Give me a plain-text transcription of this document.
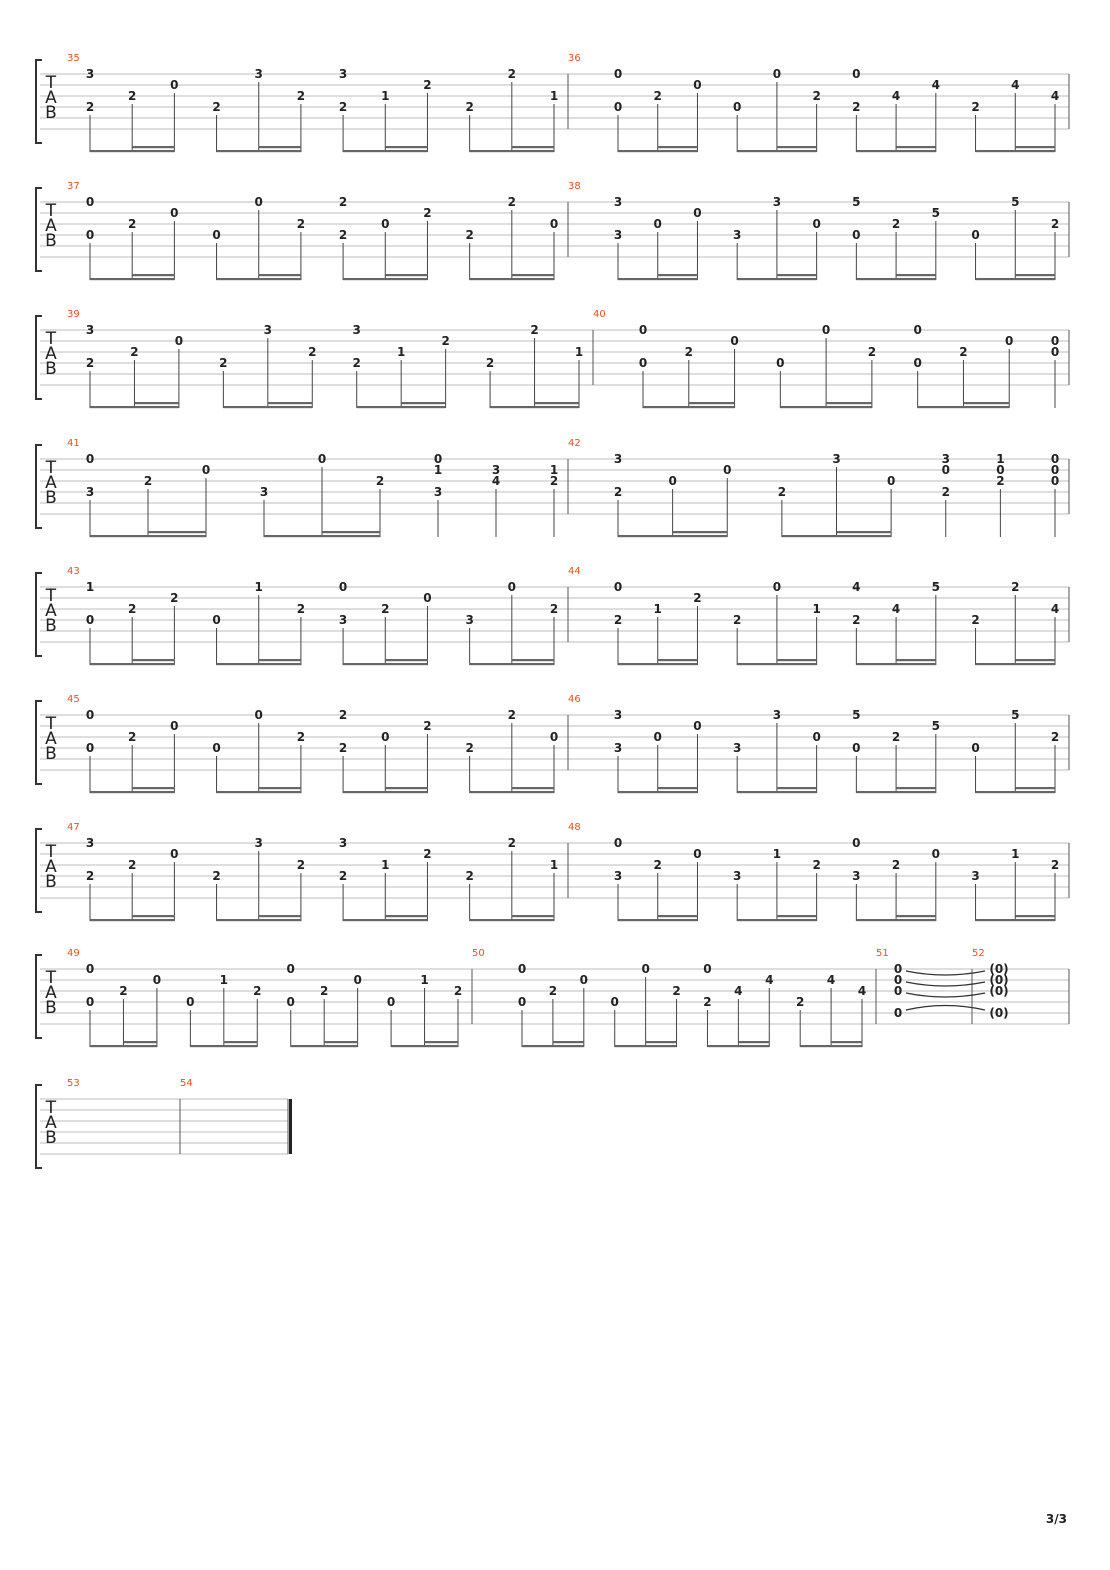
3/3
T
A
B
35
3
2
2
0
2
3
2
3
2
1
2
2
2
1
36
0
0
2
0
0
0
2
0
2
4
4
2
4
4
T
A
B
37
0
0
2
0
0
0
2
2
2
0
2
2
2
0
38
3
3
0
0
3
3
0
5
0
2
5
0
5
2
T
A
B
39
3
2
2
0
2
3
2
3
2
1
2
2
2
1
40
0
0
2
0
0
0
2
0
0
2
0	0
0
T
A
B
41
0
3
2
0
3
0
2
0
1
3
3
4
1
2
42
3
2
0
0
2
3
0
3
0
2
1
0
2
0
0
0
T
A
B
43
1
0
2
2
0
1
2
0
3
2
0
3
0
2
44
0
2
1
2
2
0
1
4
2
4
5
2
2
4
T
A
B
45
0
0
2
0
0
0
2
2
2
0
2
2
2
0
46
3
3
0
0
3
3
0
5
0
2
5
0
5
2
T
A
B
47
3
2
2
0
2
3
2
3
2
1
2
2
2
1
48
0
3
2
0
3
1
2
0
3
2
0
3
1
2
T
A
B
49
0
0
2
0
0
1
2
0
0
2
0
0
1
2
50
0
0
2
0
0
0
2
0
2
4
4
2
4
4
51
0
0
0
0
52
(0)
(0)
(0)
(0)
T
A
B
53	54
